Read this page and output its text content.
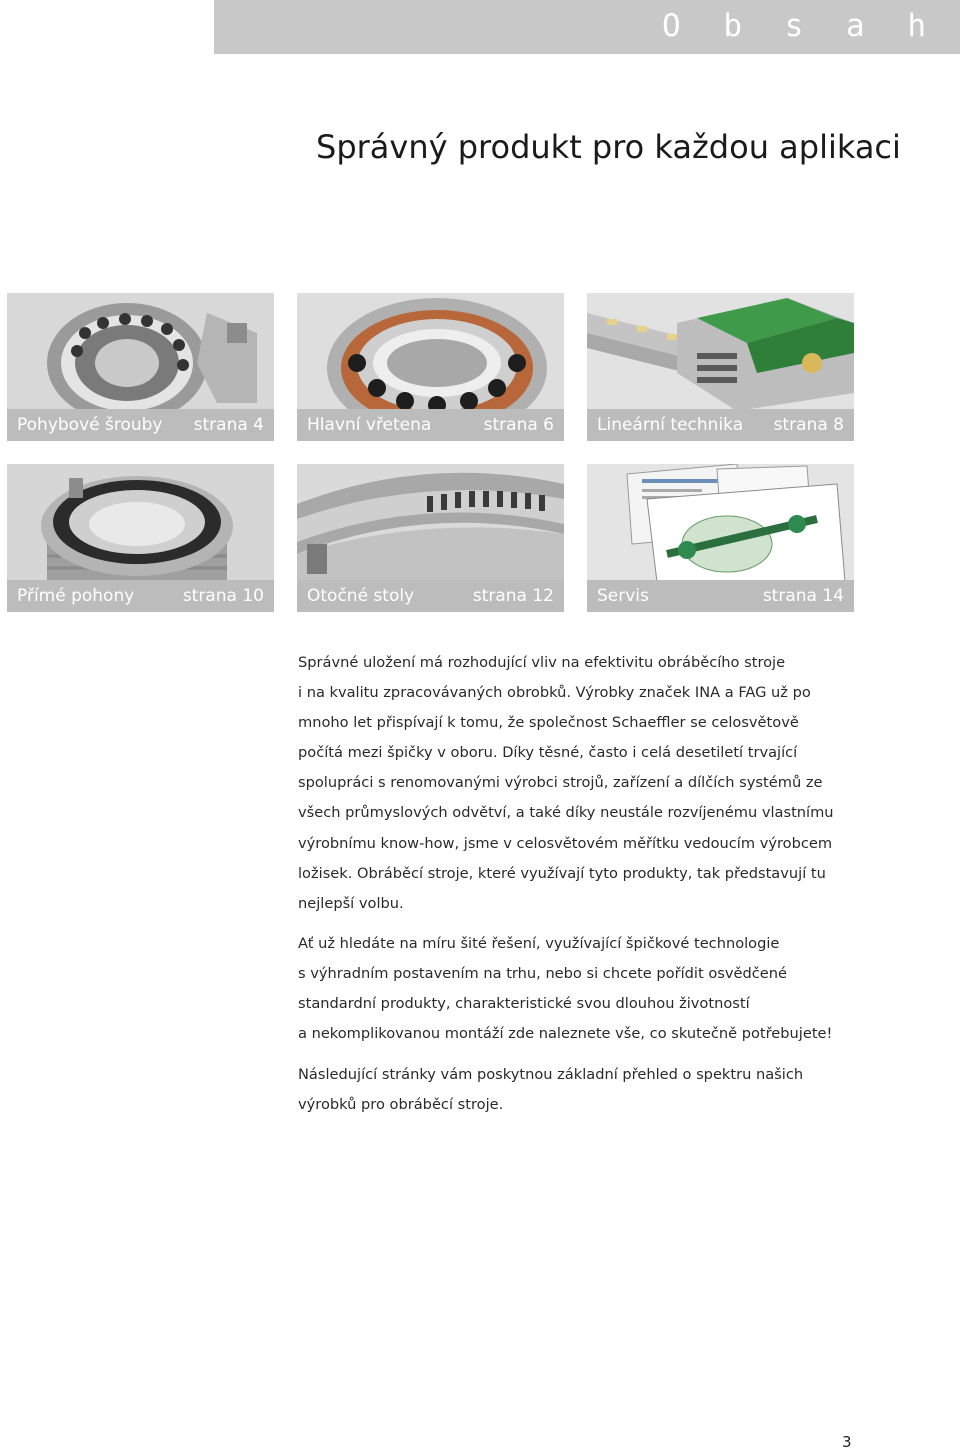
O b s a h
Správný produkt pro každou aplikaci
Pohybové šrouby strana 4	Hlavní vřetena	strana 6	Lineární technika strana 8
Přímé pohony	strana 10	Otočné stoly	strana 12	Servis	strana 14

Správné uložení má rozhodující vliv na efektivitu obráběcího stroje

i na kvalitu zpracovávaných obrobků. Výrobky značek INA a FAG už po

mnoho let přispívají k tomu, že společnost Schaeffler se celosvětově

počítá mezi špičky v oboru. Díky těsné, často i celá desetiletí trvající

spolupráci s renomovanými výrobci strojů, zařízení a dílčích systémů ze

všech průmyslových odvětví, a také díky neustále rozvíjenému vlastnímu

výrobnímu know-how, jsme v celosvětovém měřítku vedoucím výrobcem

ložisek. Obráběcí stroje, které využívají tyto produkty, tak představují tu

nejlepší volbu.

Ať už hledáte na míru šité řešení, využívající špičkové technologie

s výhradním postavením na trhu, nebo si chcete pořídit osvědčené

standardní produkty, charakteristické svou dlouhou životností

a nekomplikovanou montáží zde naleznete vše, co skutečně potřebujete!

Následující stránky vám poskytnou základní přehled o spektru našich

výrobků pro obráběcí stroje.

3
